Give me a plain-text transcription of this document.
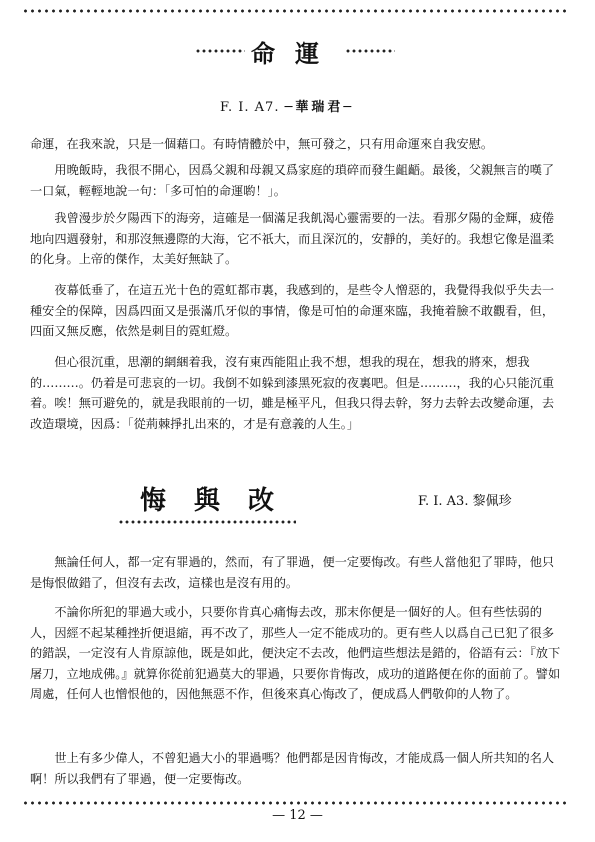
命運
F. I. A7. ─華瑞君─

命運，在我來說，只是一個藉口。有時情體於中，無可發之，只有用命運來自我安慰。

用晚飯時，我很不開心，因爲父親和母親又爲家庭的瑣碎而發生齟齬。最後，父親無言的嘆了一口氣，輕輕地說一句：「多可怕的命運喲！」。

我曾漫步於夕陽西下的海旁，這確是一個滿足我飢渴心靈需要的一法。看那夕陽的金輝，疲倦地向四週發射，和那沒無邊際的大海，它不祇大，而且深沉的，安靜的，美好的。我想它像是溫柔的化身。上帝的傑作，太美好無缺了。

夜幕低垂了，在這五光十色的霓虹都市裏，我感到的，是些令人憎惡的，我覺得我似乎失去一種安全的保障，因爲四面又是張滿爪牙似的事情，像是可怕的命運來臨，我掩着臉不敢觀看，但，四面又無反應，依然是刺目的霓虹燈。

但心很沉重，思潮的網綑着我，沒有東西能阻止我不想，想我的現在，想我的將來，想我的………。仍着是可悲哀的一切。我倒不如躲到漆黑死寂的夜裏吧。但是………，我的心只能沉重着。唉！無可避免的，就是我眼前的一切，雖是極平凡，但我只得去幹，努力去幹去改變命運，去改造環境，因爲：「從荊棘掙扎出來的，才是有意義的人生。」

悔與改	F. I. A3. 黎佩珍

無論任何人，都一定有罪過的，然而，有了罪過，便一定要悔改。有些人當他犯了罪時，他只是悔恨做錯了，但沒有去改，這樣也是沒有用的。

不論你所犯的罪過大或小，只要你肯真心痛悔去改，那末你便是一個好的人。但有些怯弱的人，因經不起某種挫折便退縮，再不改了，那些人一定不能成功的。更有些人以爲自己已犯了很多的錯誤，一定沒有人肯原諒他，既是如此，便決定不去改，他們這些想法是錯的，俗語有云：『放下屠刀，立地成佛。』就算你從前犯過莫大的罪過，只要你肯悔改，成功的道路便在你的面前了。譬如周處，任何人也憎恨他的，因他無惡不作，但後來真心悔改了，便成爲人們敬仰的人物了。

世上有多少偉人，不曾犯過大小的罪過嗎？他們都是因肯悔改，才能成爲一個人所共知的名人啊！所以我們有了罪過，便一定要悔改。

— 12 —
